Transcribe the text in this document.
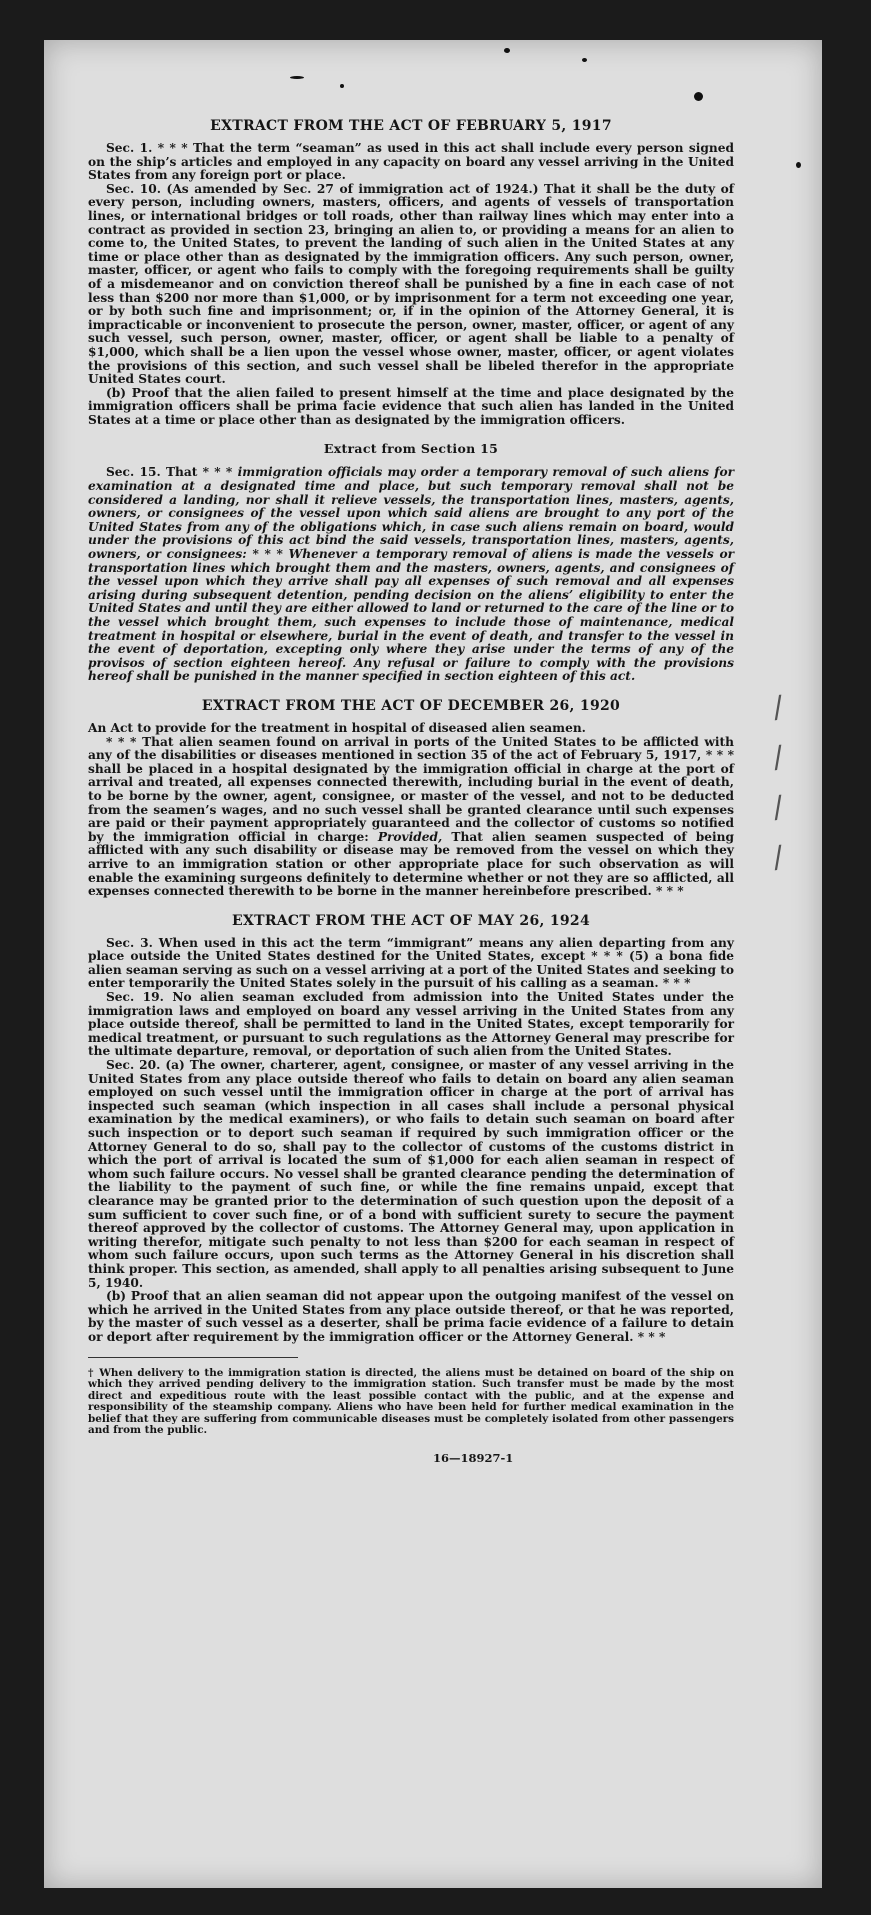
EXTRACT FROM THE ACT OF FEBRUARY 5, 1917

Sec. 1. * * * That the term “seaman” as used in this act shall include every person signed on the ship’s articles and employed in any capacity on board any vessel arriving in the United States from any foreign port or place.

Sec. 10. (As amended by Sec. 27 of immigration act of 1924.) That it shall be the duty of every person, including owners, masters, officers, and agents of vessels of transportation lines, or international bridges or toll roads, other than railway lines which may enter into a contract as provided in section 23, bringing an alien to, or providing a means for an alien to come to, the United States, to prevent the landing of such alien in the United States at any time or place other than as designated by the immigration officers. Any such person, owner, master, officer, or agent who fails to comply with the foregoing requirements shall be guilty of a misdemeanor and on conviction thereof shall be punished by a fine in each case of not less than $200 nor more than $1,000, or by imprisonment for a term not exceeding one year, or by both such fine and imprisonment; or, if in the opinion of the Attorney General, it is impracticable or inconvenient to prosecute the person, owner, master, officer, or agent of any such vessel, such person, owner, master, officer, or agent shall be liable to a penalty of $1,000, which shall be a lien upon the vessel whose owner, master, officer, or agent violates the provisions of this section, and such vessel shall be libeled therefor in the appropriate United States court.

(b) Proof that the alien failed to present himself at the time and place designated by the immigration officers shall be prima facie evidence that such alien has landed in the United States at a time or place other than as designated by the immigration officers.

Extract from Section 15

Sec. 15. That * * * immigration officials may order a temporary removal of such aliens for examination at a designated time and place, but such temporary removal shall not be considered a landing, nor shall it relieve vessels, the transportation lines, masters, agents, owners, or consignees of the vessel upon which said aliens are brought to any port of the United States from any of the obligations which, in case such aliens remain on board, would under the provisions of this act bind the said vessels, transportation lines, masters, agents, owners, or consignees: * * * Whenever a temporary removal of aliens is made the vessels or transportation lines which brought them and the masters, owners, agents, and consignees of the vessel upon which they arrive shall pay all expenses of such removal and all expenses arising during subsequent detention, pending decision on the aliens’ eligibility to enter the United States and until they are either allowed to land or returned to the care of the line or to the vessel which brought them, such expenses to include those of maintenance, medical treatment in hospital or elsewhere, burial in the event of death, and transfer to the vessel in the event of deportation, excepting only where they arise under the terms of any of the provisos of section eighteen hereof. Any refusal or failure to comply with the provisions hereof shall be punished in the manner specified in section eighteen of this act.

EXTRACT FROM THE ACT OF DECEMBER 26, 1920

An Act to provide for the treatment in hospital of diseased alien seamen.

* * * That alien seamen found on arrival in ports of the United States to be afflicted with any of the disabilities or diseases mentioned in section 35 of the act of February 5, 1917, * * * shall be placed in a hospital designated by the immigration official in charge at the port of arrival and treated, all expenses connected therewith, including burial in the event of death, to be borne by the owner, agent, consignee, or master of the vessel, and not to be deducted from the seamen’s wages, and no such vessel shall be granted clearance until such expenses are paid or their payment appropriately guaranteed and the collector of customs so notified by the immigration official in charge: Provided, That alien seamen suspected of being afflicted with any such disability or disease may be removed from the vessel on which they arrive to an immigration station or other appropriate place for such observation as will enable the examining surgeons definitely to determine whether or not they are so afflicted, all expenses connected therewith to be borne in the manner hereinbefore prescribed. * * *

EXTRACT FROM THE ACT OF MAY 26, 1924

Sec. 3. When used in this act the term “immigrant” means any alien departing from any place outside the United States destined for the United States, except * * * (5) a bona fide alien seaman serving as such on a vessel arriving at a port of the United States and seeking to enter temporarily the United States solely in the pursuit of his calling as a seaman. * * *

Sec. 19. No alien seaman excluded from admission into the United States under the immigration laws and employed on board any vessel arriving in the United States from any place outside thereof, shall be permitted to land in the United States, except temporarily for medical treatment, or pursuant to such regulations as the Attorney General may prescribe for the ultimate departure, removal, or deportation of such alien from the United States.

Sec. 20. (a) The owner, charterer, agent, consignee, or master of any vessel arriving in the United States from any place outside thereof who fails to detain on board any alien seaman employed on such vessel until the immigration officer in charge at the port of arrival has inspected such seaman (which inspection in all cases shall include a personal physical examination by the medical examiners), or who fails to detain such seaman on board after such inspection or to deport such seaman if required by such immigration officer or the Attorney General to do so, shall pay to the collector of customs of the customs district in which the port of arrival is located the sum of $1,000 for each alien seaman in respect of whom such failure occurs. No vessel shall be granted clearance pending the determination of the liability to the payment of such fine, or while the fine remains unpaid, except that clearance may be granted prior to the determination of such question upon the deposit of a sum sufficient to cover such fine, or of a bond with sufficient surety to secure the payment thereof approved by the collector of customs. The Attorney General may, upon application in writing therefor, mitigate such penalty to not less than $200 for each seaman in respect of whom such failure occurs, upon such terms as the Attorney General in his discretion shall think proper. This section, as amended, shall apply to all penalties arising subsequent to June 5, 1940.

(b) Proof that an alien seaman did not appear upon the outgoing manifest of the vessel on which he arrived in the United States from any place outside thereof, or that he was reported, by the master of such vessel as a deserter, shall be prima facie evidence of a failure to detain or deport after requirement by the immigration officer or the Attorney General. * * *

† When delivery to the immigration station is directed, the aliens must be detained on board of the ship on which they arrived pending delivery to the immigration station. Such transfer must be made by the most direct and expeditious route with the least possible contact with the public, and at the expense and responsibility of the steamship company. Aliens who have been held for further medical examination in the belief that they are suffering from communicable diseases must be completely isolated from other passengers and from the public.
16—18927-1
/
/
/
/
